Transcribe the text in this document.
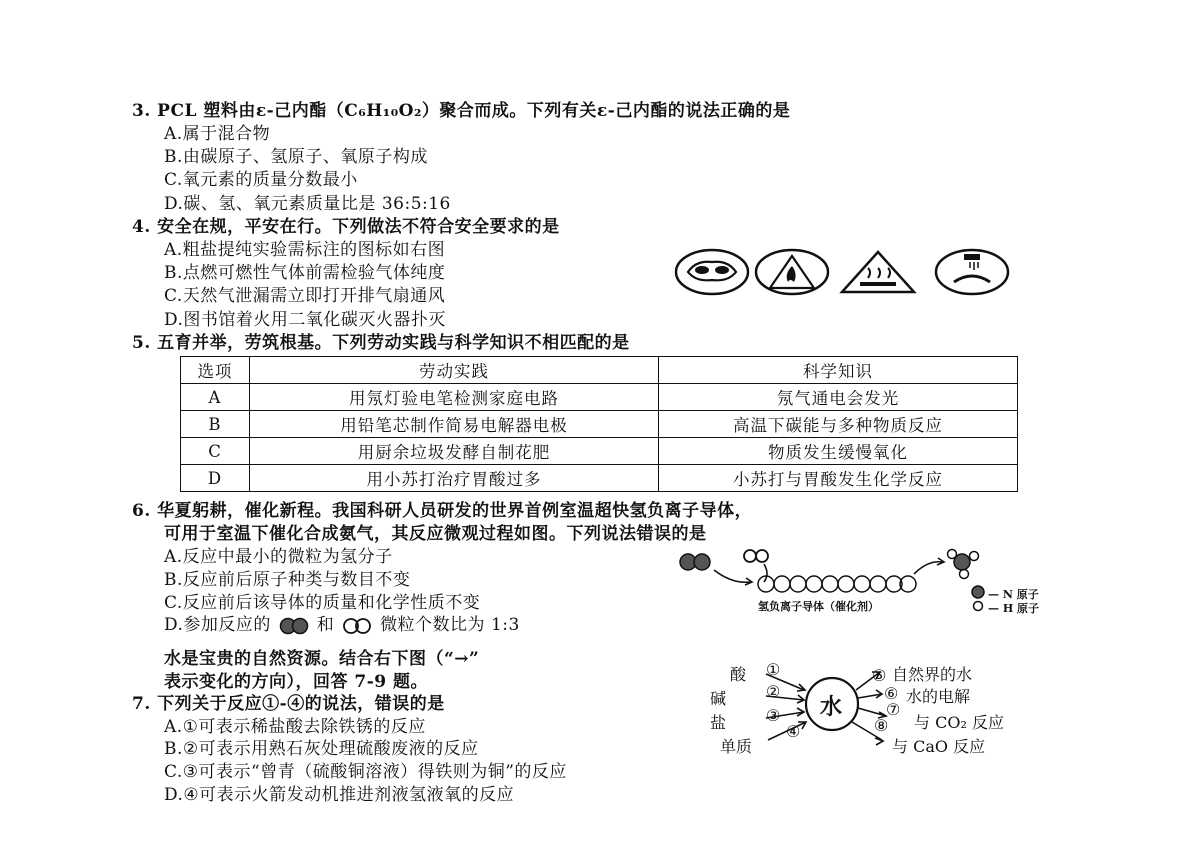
3. PCL 塑料由ε-己内酯（C₆H₁₀O₂）聚合而成。下列有关ε-己内酯的说法正确的是
A.属于混合物
B.由碳原子、氢原子、氧原子构成
C.氧元素的质量分数最小
D.碳、氢、氧元素质量比是 36:5:16
4. 安全在规，平安在行。下列做法不符合安全要求的是
A.粗盐提纯实验需标注的图标如右图
B.点燃可燃性气体前需检验气体纯度
C.天然气泄漏需立即打开排气扇通风
D.图书馆着火用二氧化碳灭火器扑灭
5. 五育并举，劳筑根基。下列劳动实践与科学知识不相匹配的是
选项	劳动实践	科学知识
A	用氖灯验电笔检测家庭电路	氖气通电会发光
B	用铅笔芯制作简易电解器电极	高温下碳能与多种物质反应
C	用厨余垃圾发酵自制花肥	物质发生缓慢氧化
D	用小苏打治疗胃酸过多	小苏打与胃酸发生化学反应
6. 华夏躬耕，催化新程。我国科研人员研发的世界首例室温超快氢负离子导体，
可用于室温下催化合成氨气，其反应微观过程如图。下列说法错误的是
A.反应中最小的微粒为氢分子
B.反应前后原子种类与数目不变
C.反应前后该导体的质量和化学性质不变
D.参加反应的	和	微粒个数比为 1:3
氢负离子导体（催化剂）
— N 原子
— H 原子
水是宝贵的自然资源。结合右下图（“→”
表示变化的方向），回答 7-9 题。
水
酸 ①
碱 ②
盐 ③
单质
④
⑤ 自然界的水
⑥ 水的电解
⑦
与 CO₂ 反应
⑧
与 CaO 反应
7. 下列关于反应①-④的说法，错误的是
A.①可表示稀盐酸去除铁锈的反应
B.②可表示用熟石灰处理硫酸废液的反应
C.③可表示“曾青（硫酸铜溶液）得铁则为铜”的反应
D.④可表示火箭发动机推进剂液氢液氧的反应
